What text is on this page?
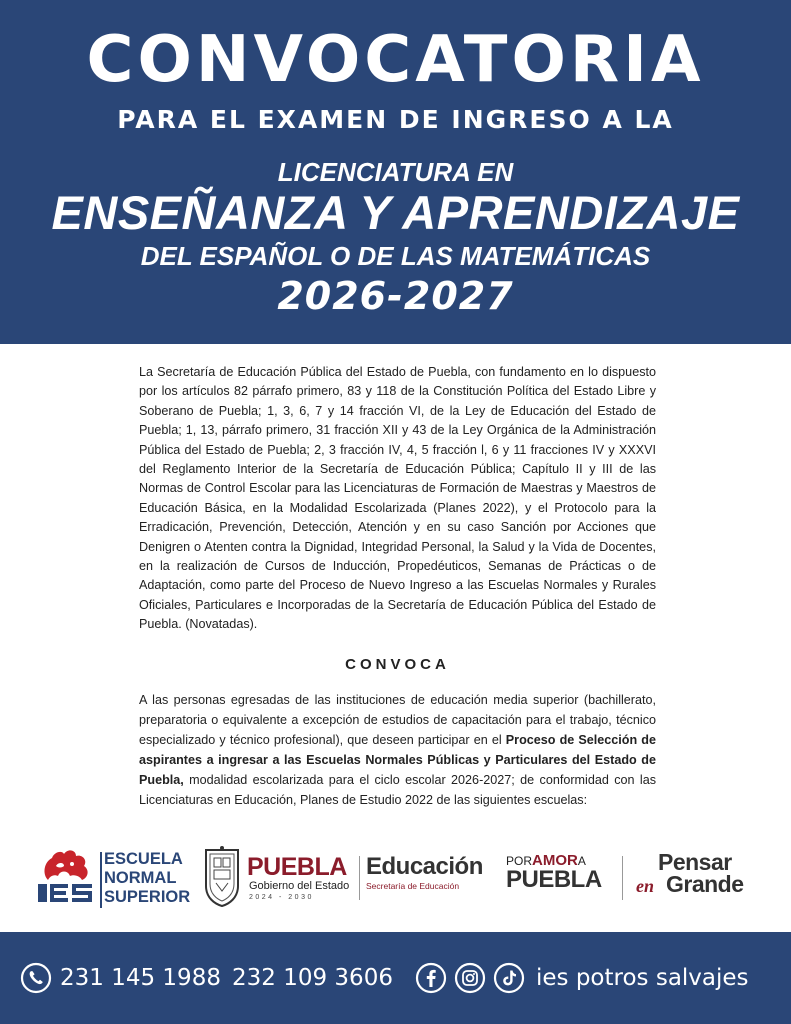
CONVOCATORIA
PARA EL EXAMEN DE INGRESO A LA
LICENCIATURA EN
ENSEÑANZA Y APRENDIZAJE
DEL ESPAÑOL O DE LAS MATEMÁTICAS
2026-2027

La Secretaría de Educación Pública del Estado de Puebla, con fundamento en lo dispuesto por los artículos 82 párrafo primero, 83 y 118 de la Constitución Política del Estado Libre y Soberano de Puebla; 1, 3, 6, 7 y 14 fracción VI, de la Ley de Educación del Estado de Puebla; 1, 13, párrafo primero, 31 fracción XII y 43 de la Ley Orgánica de la Administración Pública del Estado de Puebla; 2, 3 fracción IV, 4, 5 fracción l, 6 y 11 fracciones IV y XXXVI del Reglamento Interior de la Secretaría de Educación Pública; Capítulo II y III de las Normas de Control Escolar para las Licenciaturas de Formación de Maestras y Maestros de Educación Básica, en la Modalidad Escolarizada (Planes 2022), y el Protocolo para la Erradicación, Prevención, Detección, Atención y en su caso Sanción por Acciones que Denigren o Atenten contra la Dignidad, Integridad Personal, la Salud y la Vida de Docentes, en la realización de Cursos de Inducción, Propedéuticos, Semanas de Prácticas o de Adaptación, como parte del Proceso de Nuevo Ingreso a las Escuelas Normales y Rurales Oficiales, Particulares e Incorporadas de la Secretaría de Educación Pública del Estado de Puebla. (Novatadas).

CONVOCA

A las personas egresadas de las instituciones de educación media superior (bachillerato, preparatoria o equivalente a excepción de estudios de capacitación para el trabajo, técnico especializado y técnico profesional), que deseen participar en el Proceso de Selección de aspirantes a ingresar a las Escuelas Normales Públicas y Particulares del Estado de Puebla, modalidad escolarizada para el ciclo escolar 2026-2027; de conformidad con las Licenciaturas en Educación, Planes de Estudio 2022 de las siguientes escuelas:

ESCUELA
NORMAL
SUPERIOR
PUEBLA
Gobierno del Estado
2024 - 2030
Educación
Secretaría de Educación
PORAMORA
PUEBLA
Pensar
en Grande
231 145 1988 232 109 3606	ies potros salvajes
